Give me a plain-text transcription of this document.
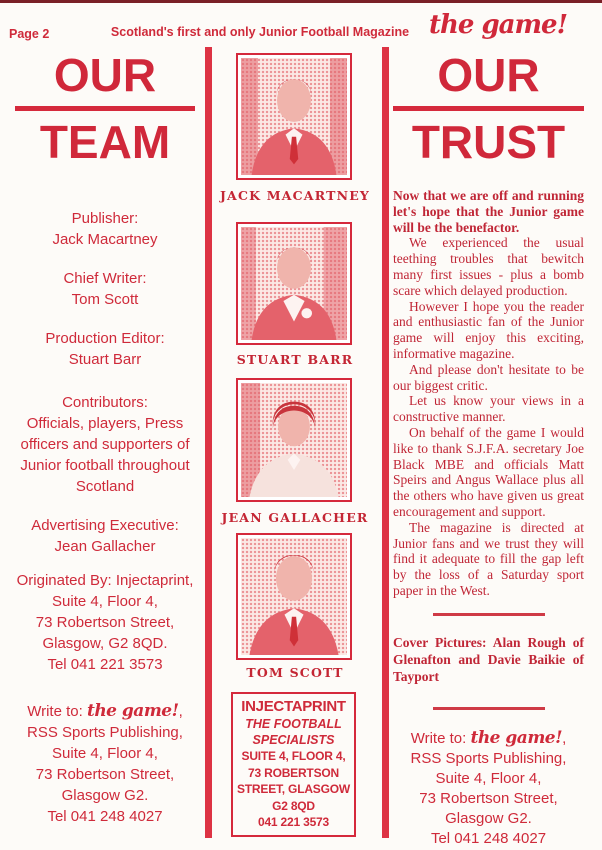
Page 2	Scotland's first and only Junior Football Magazine the game!
OUR
TEAM
Publisher:
Jack Macartney
Chief Writer:
Tom Scott
Production Editor:
Stuart Barr
Contributors:
Officials, players, Press officers and supporters of Junior football throughout Scotland
Advertising Executive:
Jean Gallacher
Originated By: Injectaprint,
Suite 4, Floor 4,
73 Robertson Street,
Glasgow, G2 8QD.
Tel 041 221 3573
Write to: the game!,
RSS Sports Publishing,
Suite 4, Floor 4,
73 Robertson Street,
Glasgow G2.
Tel 041 248 4027
JACK MACARTNEY
STUART BARR
JEAN GALLACHER
TOM SCOTT
INJECTAPRINT
THE FOOTBALL
SPECIALISTS
SUITE 4, FLOOR 4,
73 ROBERTSON
STREET, GLASGOW
G2 8QD
041 221 3573
OUR
TRUST

Now that we are off and running let's hope that the Junior game will be the benefactor.

We experienced the usual teething troubles that bewitch many first issues - plus a bomb scare which delayed production.

However I hope you the reader and enthusiastic fan of the Junior game will enjoy this exciting, informative magazine.

And please don't hesitate to be our biggest critic.

Let us know your views in a constructive manner.

On behalf of the game I would like to thank S.J.F.A. secretary Joe Black MBE and officials Matt Speirs and Angus Wallace plus all the others who have given us great encouragement and support.

The magazine is directed at Junior fans and we trust they will find it adequate to fill the gap left by the loss of a Saturday sport paper in the West.

Cover Pictures: Alan Rough of Glenafton and Davie Baikie of Tayport
Write to: the game!,
RSS Sports Publishing,
Suite 4, Floor 4,
73 Robertson Street,
Glasgow G2.
Tel 041 248 4027
